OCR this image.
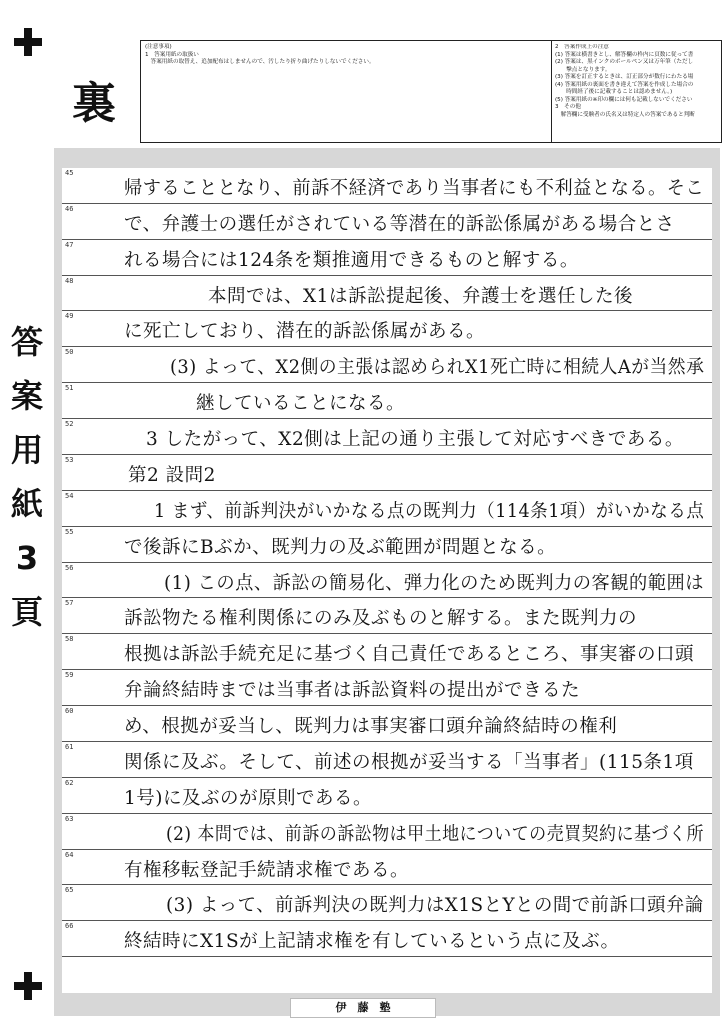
裏

(注意事項)

1　答案用紙の取扱い

　答案用紙の取替え、追加配布はしませんので、汚したり折り曲げたりしないでください。

2　答案作成上の注意

(1) 答案は横書きとし、解答欄の枠内に頁数に従って書

(2) 答案は、黒インクのボールペン又は万年筆（ただし

　　撃点となります。

(3) 答案を訂正するときは、訂正部分が数行にわたる場

(4) 答案用紙の裏面を書き違えて答案を作成した場合の

　　時間経了後に記載することは認めません。)

(5) 答案用紙の※印の欄には何も記載しないでください

3　その他

　解答欄に受験者の氏名又は特定人の答案であると判断

答
案
用
紙
3
頁
45
帰することとなり、前訴不経済であり当事者にも不利益となる。そこ
46
で、弁護士の選任がされている等潜在的訴訟係属がある場合とさ
47
れる場合には124条を類推適用できるものと解する。
48
本問では、X1は訴訟提起後、弁護士を選任した後
49
に死亡しており、潜在的訴訟係属がある。
50
(3) よって、X2側の主張は認められX1死亡時に相続人Aが当然承
51
継していることになる。
52
3 したがって、X2側は上記の通り主張して対応すべきである。
53
第2 設問2
54
1 まず、前訴判決がいかなる点の既判力（114条1項）がいかなる点
55
で後訴にBぶか、既判力の及ぶ範囲が問題となる。
56
(1) この点、訴訟の簡易化、弾力化のため既判力の客観的範囲は
57
訴訟物たる権利関係にのみ及ぶものと解する。また既判力の
58
根拠は訴訟手続充足に基づく自己責任であるところ、事実審の口頭
59
弁論終結時までは当事者は訴訟資料の提出ができるた
60
め、根拠が妥当し、既判力は事実審口頭弁論終結時の権利
61
関係に及ぶ。そして、前述の根拠が妥当する「当事者」(115条1項
62
1号)に及ぶのが原則である。
63
(2) 本問では、前訴の訴訟物は甲土地についての売買契約に基づく所
64
有権移転登記手続請求権である。
65
(3) よって、前訴判決の既判力はX1SとYとの間で前訴口頭弁論
66
終結時にX1Sが上記請求権を有しているという点に及ぶ。
伊　藤　塾
